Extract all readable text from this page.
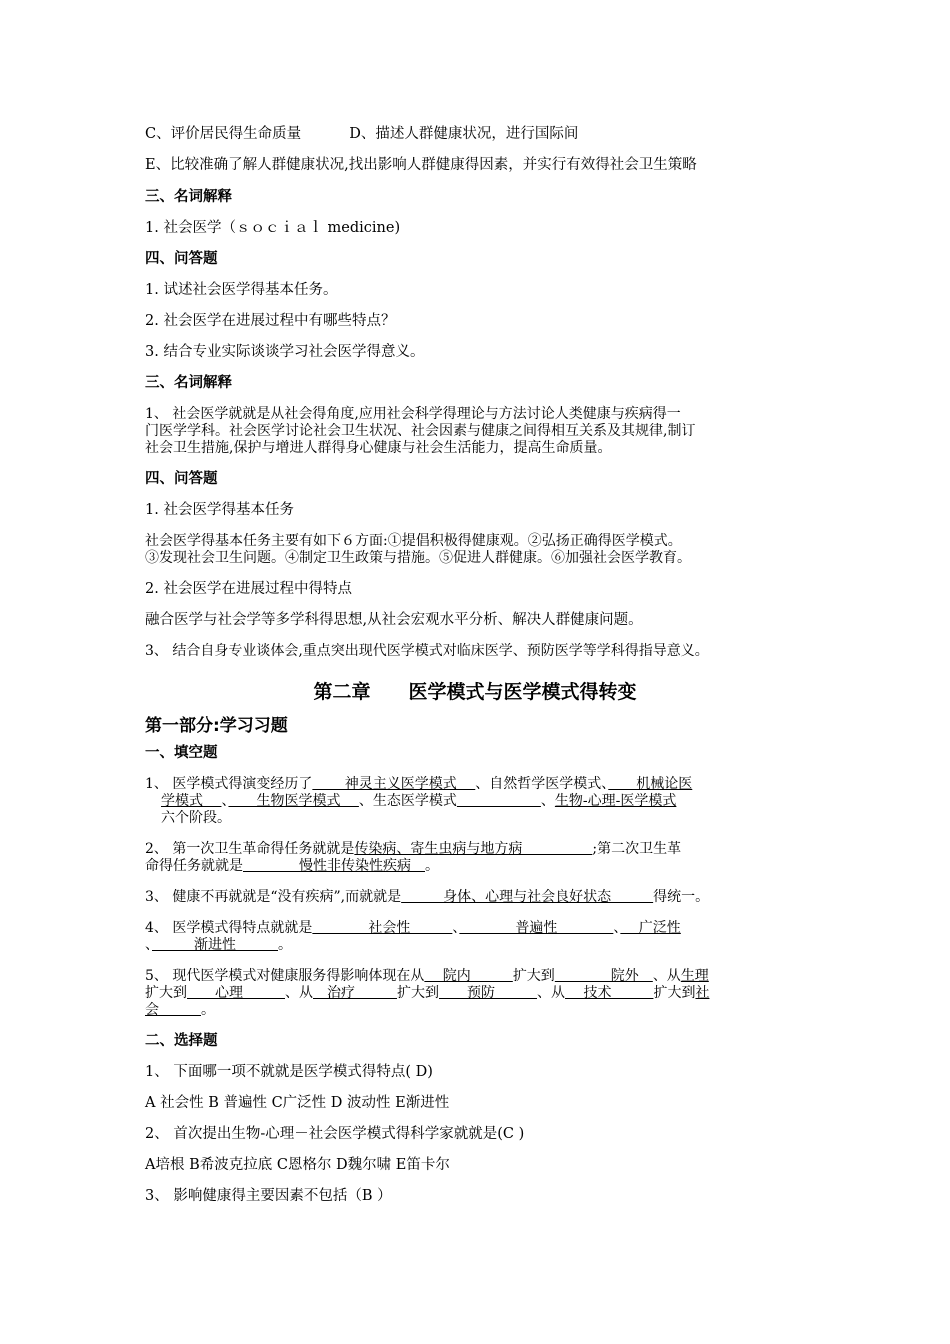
C、评价居民得生命质量　　　 D、描述人群健康状况，进行国际间
E、比较准确了解人群健康状况,找出影响人群健康得因素，并实行有效得社会卫生策略
三、名词解释
1. 社会医学（ｓｏｃｉａｌ medicine)
四、问答题
1. 试述社会医学得基本任务。
2. 社会医学在进展过程中有哪些特点？
3. 结合专业实际谈谈学习社会医学得意义。
三、名词解释
1、 社会医学就就是从社会得角度,应用社会科学得理论与方法讨论人类健康与疾病得一
门医学学科。社会医学讨论社会卫生状况、社会因素与健康之间得相互关系及其规律,制订
社会卫生措施,保护与增进人群得身心健康与社会生活能力，提高生命质量。
四、问答题
1. 社会医学得基本任务
社会医学得基本任务主要有如下６方面:①提倡积极得健康观。②弘扬正确得医学模式。
③发现社会卫生问题。④制定卫生政策与措施。⑤促进人群健康。⑥加强社会医学教育。
2. 社会医学在进展过程中得特点
融合医学与社会学等多学科得思想,从社会宏观水平分析、解决人群健康问题。
3、 结合自身专业谈体会,重点突出现代医学模式对临床医学、预防医学等学科得指导意义。
第二章　　医学模式与医学模式得转变
第一部分:学习习题
一、填空题
1、 医学模式得演变经历了　 　神灵主义医学模式　 、自然哲学医学模式、　　机械论医
学模式　 、　　生物医学模式　 、生态医学模式　　　　　　	、生物-心理-医学模式
六个阶段。
2、 第一次卫生革命得任务就就是传染病、寄生虫病与地方病　　　　　;第二次卫生革
命得任务就就是　　　　慢性非传染性疾病　。
3、 健康不再就就是“没有疾病”,而就就是　　　身体、心理与社会良好状态　　　得统一。
4、 医学模式得特点就就是　　　　社会性　　　、　　　　普遍性　　　　、　 广泛性
、　　　渐进性　　　。
5、 现代医学模式对健康服务得影响体现在从　 院内　　　扩大到　　　　院外　、从生理
扩大到　　心理　　　、从　治疗　　　扩大到　　预防　　　、从　 技术　　　扩大到社
会　　　。
二、选择题
1、 下面哪一项不就就是医学模式得特点( D)
A 社会性 B 普遍性 C广泛性 D 波动性 E渐进性
2、 首次提出生物-心理－社会医学模式得科学家就就是(C )
A培根 B希波克拉底 C恩格尔 D魏尔啸 E笛卡尔
3、 影响健康得主要因素不包括（B ）
